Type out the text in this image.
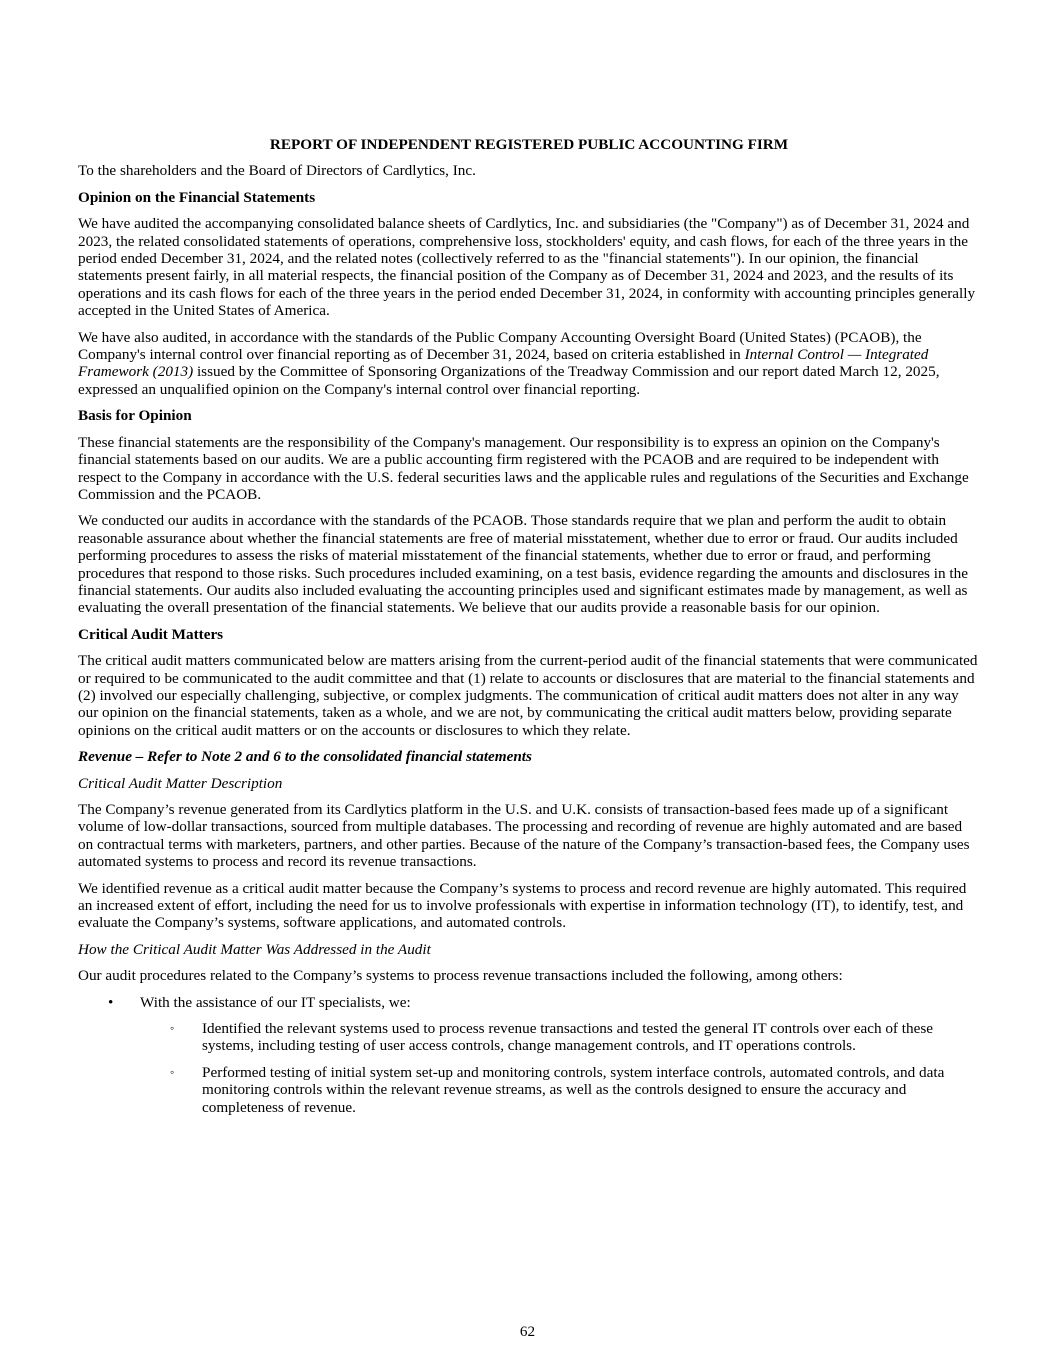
REPORT OF INDEPENDENT REGISTERED PUBLIC ACCOUNTING FIRM

To the shareholders and the Board of Directors of Cardlytics, Inc.

Opinion on the Financial Statements

We have audited the accompanying consolidated balance sheets of Cardlytics, Inc. and subsidiaries (the "Company") as of December 31, 2024 and 2023, the related consolidated statements of operations, comprehensive loss, stockholders' equity, and cash flows, for each of the three years in the period ended December 31, 2024, and the related notes (collectively referred to as the "financial statements"). In our opinion, the financial statements present fairly, in all material respects, the financial position of the Company as of December 31, 2024 and 2023, and the results of its operations and its cash flows for each of the three years in the period ended December 31, 2024, in conformity with accounting principles generally accepted in the United States of America.

We have also audited, in accordance with the standards of the Public Company Accounting Oversight Board (United States) (PCAOB), the Company's internal control over financial reporting as of December 31, 2024, based on criteria established in Internal Control — Integrated Framework (2013) issued by the Committee of Sponsoring Organizations of the Treadway Commission and our report dated March 12, 2025, expressed an unqualified opinion on the Company's internal control over financial reporting.

Basis for Opinion

These financial statements are the responsibility of the Company's management. Our responsibility is to express an opinion on the Company's financial statements based on our audits. We are a public accounting firm registered with the PCAOB and are required to be independent with respect to the Company in accordance with the U.S. federal securities laws and the applicable rules and regulations of the Securities and Exchange Commission and the PCAOB.

We conducted our audits in accordance with the standards of the PCAOB. Those standards require that we plan and perform the audit to obtain reasonable assurance about whether the financial statements are free of material misstatement, whether due to error or fraud. Our audits included performing procedures to assess the risks of material misstatement of the financial statements, whether due to error or fraud, and performing procedures that respond to those risks. Such procedures included examining, on a test basis, evidence regarding the amounts and disclosures in the financial statements. Our audits also included evaluating the accounting principles used and significant estimates made by management, as well as evaluating the overall presentation of the financial statements. We believe that our audits provide a reasonable basis for our opinion.

Critical Audit Matters

The critical audit matters communicated below are matters arising from the current-period audit of the financial statements that were communicated or required to be communicated to the audit committee and that (1) relate to accounts or disclosures that are material to the financial statements and (2) involved our especially challenging, subjective, or complex judgments. The communication of critical audit matters does not alter in any way our opinion on the financial statements, taken as a whole, and we are not, by communicating the critical audit matters below, providing separate opinions on the critical audit matters or on the accounts or disclosures to which they relate.

Revenue – Refer to Note 2 and 6 to the consolidated financial statements
Critical Audit Matter Description

The Company’s revenue generated from its Cardlytics platform in the U.S. and U.K. consists of transaction-based fees made up of a significant volume of low-dollar transactions, sourced from multiple databases. The processing and recording of revenue are highly automated and are based on contractual terms with marketers, partners, and other parties. Because of the nature of the Company’s transaction-based fees, the Company uses automated systems to process and record its revenue transactions.

We identified revenue as a critical audit matter because the Company’s systems to process and record revenue are highly automated. This required an increased extent of effort, including the need for us to involve professionals with expertise in information technology (IT), to identify, test, and evaluate the Company’s systems, software applications, and automated controls.

How the Critical Audit Matter Was Addressed in the Audit

Our audit procedures related to the Company’s systems to process revenue transactions included the following, among others:

• With the assistance of our IT specialists, we:
◦ Identified the relevant systems used to process revenue transactions and tested the general IT controls over each of these systems, including testing of user access controls, change management controls, and IT operations controls.
◦ Performed testing of initial system set-up and monitoring controls, system interface controls, automated controls, and data monitoring controls within the relevant revenue streams, as well as the controls designed to ensure the accuracy and completeness of revenue.
62
